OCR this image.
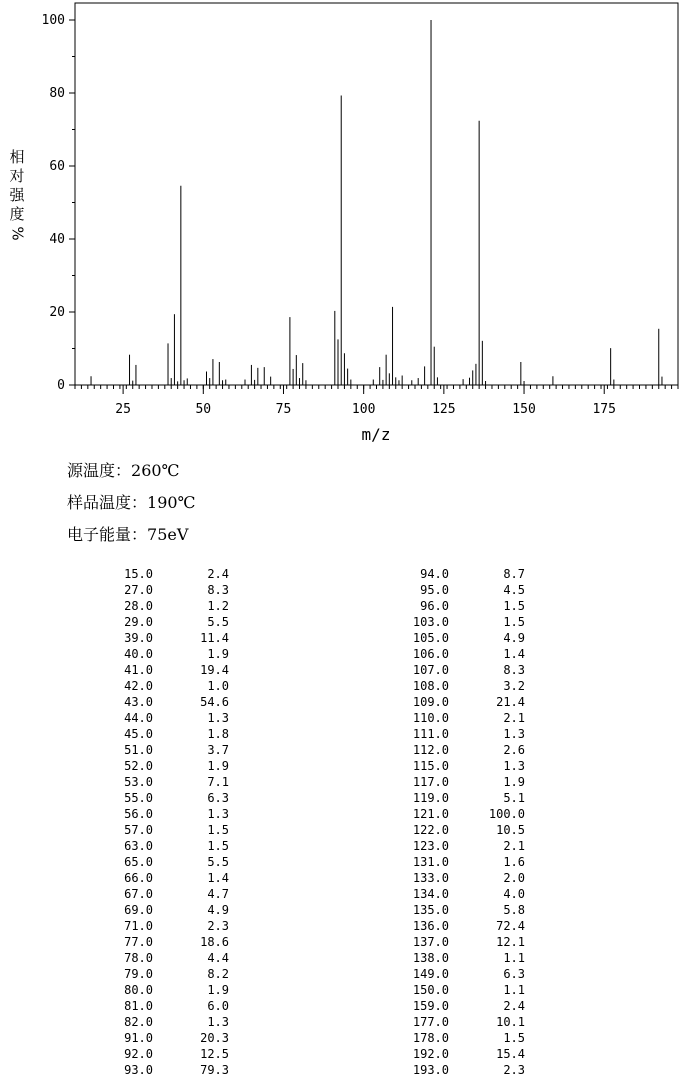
25	50	75	100	125	150	175
0
20
40
60
80
100
m/z
相
对
强
度
%
源温度：260℃
样品温度：190℃
电子能量：75eV
15.0	2.4
27.0	8.3
28.0	1.2
29.0	5.5
39.0	11.4
40.0	1.9
41.0	19.4
42.0	1.0
43.0	54.6
44.0	1.3
45.0	1.8
51.0	3.7
52.0	1.9
53.0	7.1
55.0	6.3
56.0	1.3
57.0	1.5
63.0	1.5
65.0	5.5
66.0	1.4
67.0	4.7
69.0	4.9
71.0	2.3
77.0	18.6
78.0	4.4
79.0	8.2
80.0	1.9
81.0	6.0
82.0	1.3
91.0	20.3
92.0	12.5
93.0	79.3
94.0	8.7
95.0	4.5
96.0	1.5
103.0	1.5
105.0	4.9
106.0	1.4
107.0	8.3
108.0	3.2
109.0	21.4
110.0	2.1
111.0	1.3
112.0	2.6
115.0	1.3
117.0	1.9
119.0	5.1
121.0	100.0
122.0	10.5
123.0	2.1
131.0	1.6
133.0	2.0
134.0	4.0
135.0	5.8
136.0	72.4
137.0	12.1
138.0	1.1
149.0	6.3
150.0	1.1
159.0	2.4
177.0	10.1
178.0	1.5
192.0	15.4
193.0	2.3
